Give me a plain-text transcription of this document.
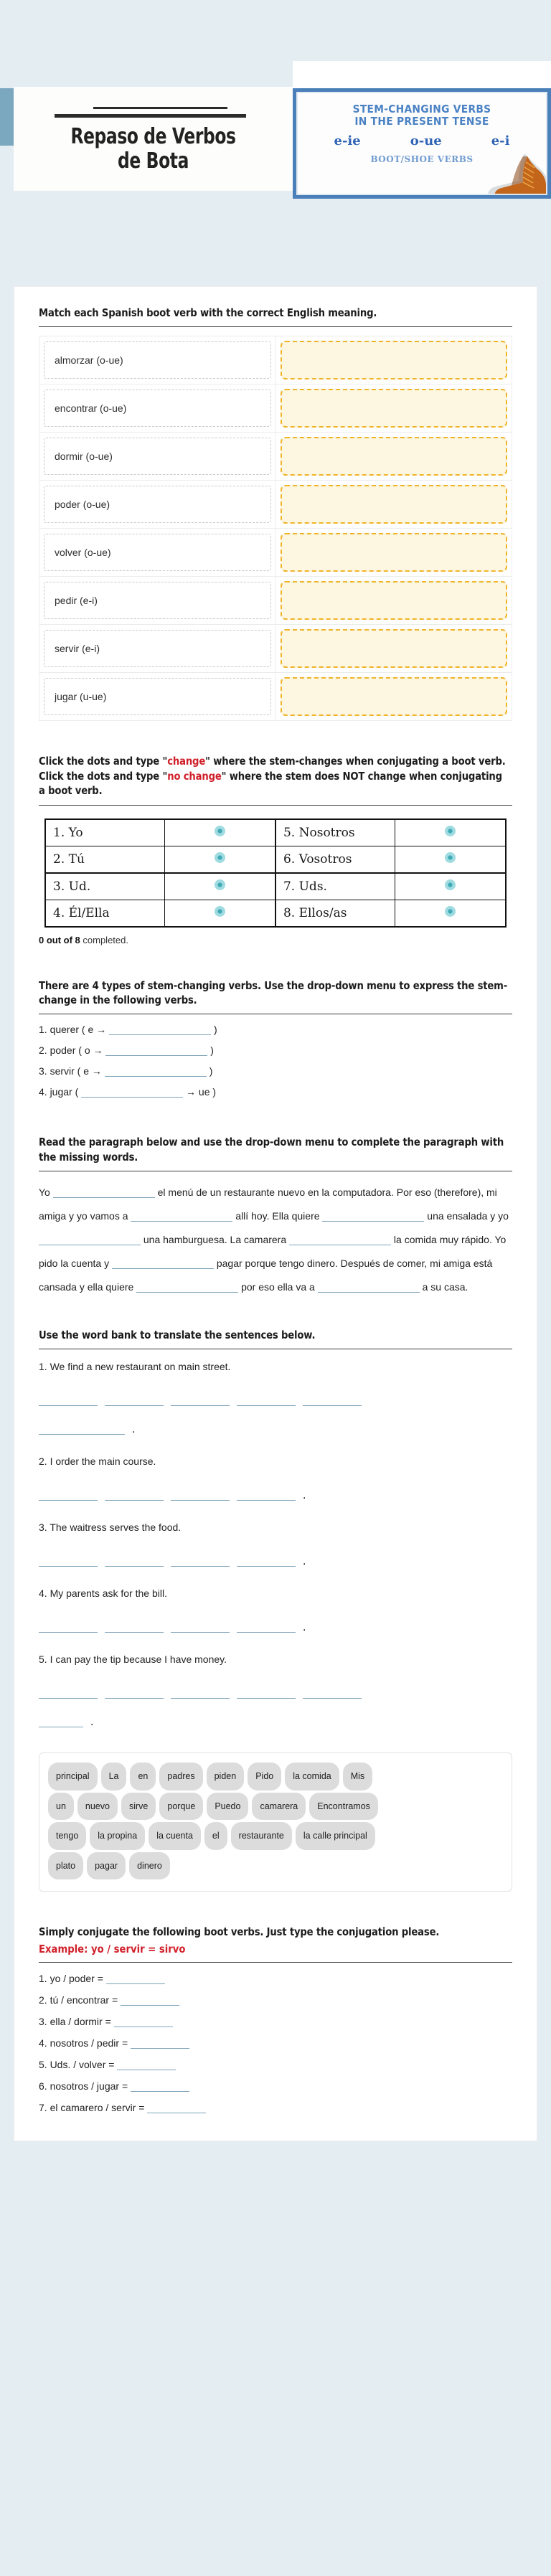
Repaso de Verbos
de Bota
STEM-CHANGING VERBS
IN THE PRESENT TENSE
e-ie	o-ue	e-i
BOOT/SHOE VERBS
Match each Spanish boot verb with the correct English meaning.
almorzar (o-ue)	

encontrar (o-ue)	

dormir (o-ue)	

poder (o-ue)	

volver (o-ue)	

pedir (e-i)	

servir (e-i)	

jugar (u-ue)	

Click the dots and type "change" where the stem-changes when conjugating a boot verb. Click the dots and type "no change" where the stem does NOT change when conjugating a boot verb.
1. Yo		5. Nosotros	
2. Tú		6. Vosotros	
3. Ud.		7. Uds.	
4. Él/Ella		8. Ellos/as	
0 out of 8 completed.
There are 4 types of stem-changing verbs. Use the drop-down menu to express the stem-change in the following verbs.
1. querer ( e →	)
2. poder ( o →	)
3. servir ( e →	)
4. jugar (	→ ue )
Read the paragraph below and use the drop-down menu to complete the paragraph with the missing words.
Yo	el menú de un restaurante nuevo en la computadora. Por eso (therefore), mi amiga y yo vamos a	allí hoy. Ella quiere	una ensalada y yo  una hamburguesa. La camarera	la comida muy rápido. Yo pido la cuenta y	pagar porque tengo dinero. Después de comer, mi amiga está cansada y ella quiere	por eso ella va a	a su casa.
Use the word bank to translate the sentences below.
1. We find a new restaurant on main street.

.
2. I order the main course.
.
3. The waitress serves the food.
.
4. My parents ask for the bill.
.
5. I can pay the tip because I have money.

.
principal La en padres piden Pido la comida Mis
un nuevo sirve porque Puedo camarera Encontramos
tengo la propina la cuenta el restaurante la calle principal
plato pagar dinero
Simply conjugate the following boot verbs. Just type the conjugation please.
Example: yo / servir = sirvo
1. yo / poder =
2. tú / encontrar =
3. ella / dormir =
4. nosotros / pedir =
5. Uds. / volver =
6. nosotros / jugar =
7. el camarero / servir =
